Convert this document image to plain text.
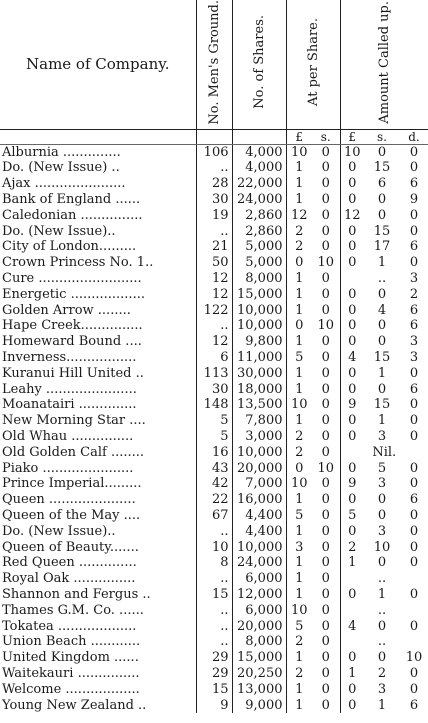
Name of Company.	No. Men's Ground.	No. of Shares.	At per Share.		Amount Called up.		
			£	s.	£	s.	d.
Alburnia ..............	106	4,000	10	0	10	0	0
Do. (New Issue) ..	..	4,000	1	0	0	15	0
Ajax ......................	28	22,000	1	0	0	6	6
Bank of England ......	30	24,000	1	0	0	0	9
Caledonian ...............	19	2,860	12	0	12	0	0
Do. (New Issue)..	..	2,860	2	0	0	15	0
City of London.........	21	5,000	2	0	0	17	6
Crown Princess No. 1..	50	5,000	0	10	0	1	0
Cure .........................	12	8,000	1	0		..	3
Energetic ..................	12	15,000	1	0	0	0	2
Golden Arrow ........	122	10,000	1	0	0	4	6
Hape Creek...............	..	10,000	0	10	0	0	6
Homeward Bound ....	12	9,800	1	0	0	0	3
Inverness.................	6	11,000	5	0	4	15	3
Kuranui Hill United ..	113	30,000	1	0	0	1	0
Leahy ......................	30	18,000	1	0	0	0	6
Moanatairi ..............	148	13,500	10	0	9	15	0
New Morning Star ....	5	7,800	1	0	0	1	0
Old Whau ...............	5	3,000	2	0	0	3	0
Old Golden Calf ........	16	10,000	2	0	Nil.		
Piako ......................	43	20,000	0	10	0	5	0
Prince Imperial.........	42	7,000	10	0	9	3	0
Queen .....................	22	16,000	1	0	0	0	6
Queen of the May ....	67	4,400	5	0	5	0	0
Do. (New Issue)..	..	4,400	1	0	0	3	0
Queen of Beauty.......	10	10,000	3	0	2	10	0
Red Queen ..............	8	24,000	1	0	1	0	0
Royal Oak ...............	..	6,000	1	0		..	
Shannon and Fergus ..	15	12,000	1	0	0	1	0
Thames G.M. Co. ......	..	6,000	10	0		..	
Tokatea ...................	..	20,000	5	0	4	0	0
Union Beach ............	..	8,000	2	0		..	
United Kingdom ......	29	15,000	1	0	0	0	10
Waitekauri ...............	29	20,250	2	0	1	2	0
Welcome ..................	15	13,000	1	0	0	3	0
Young New Zealand ..	9	9,000	1	0	0	1	6
